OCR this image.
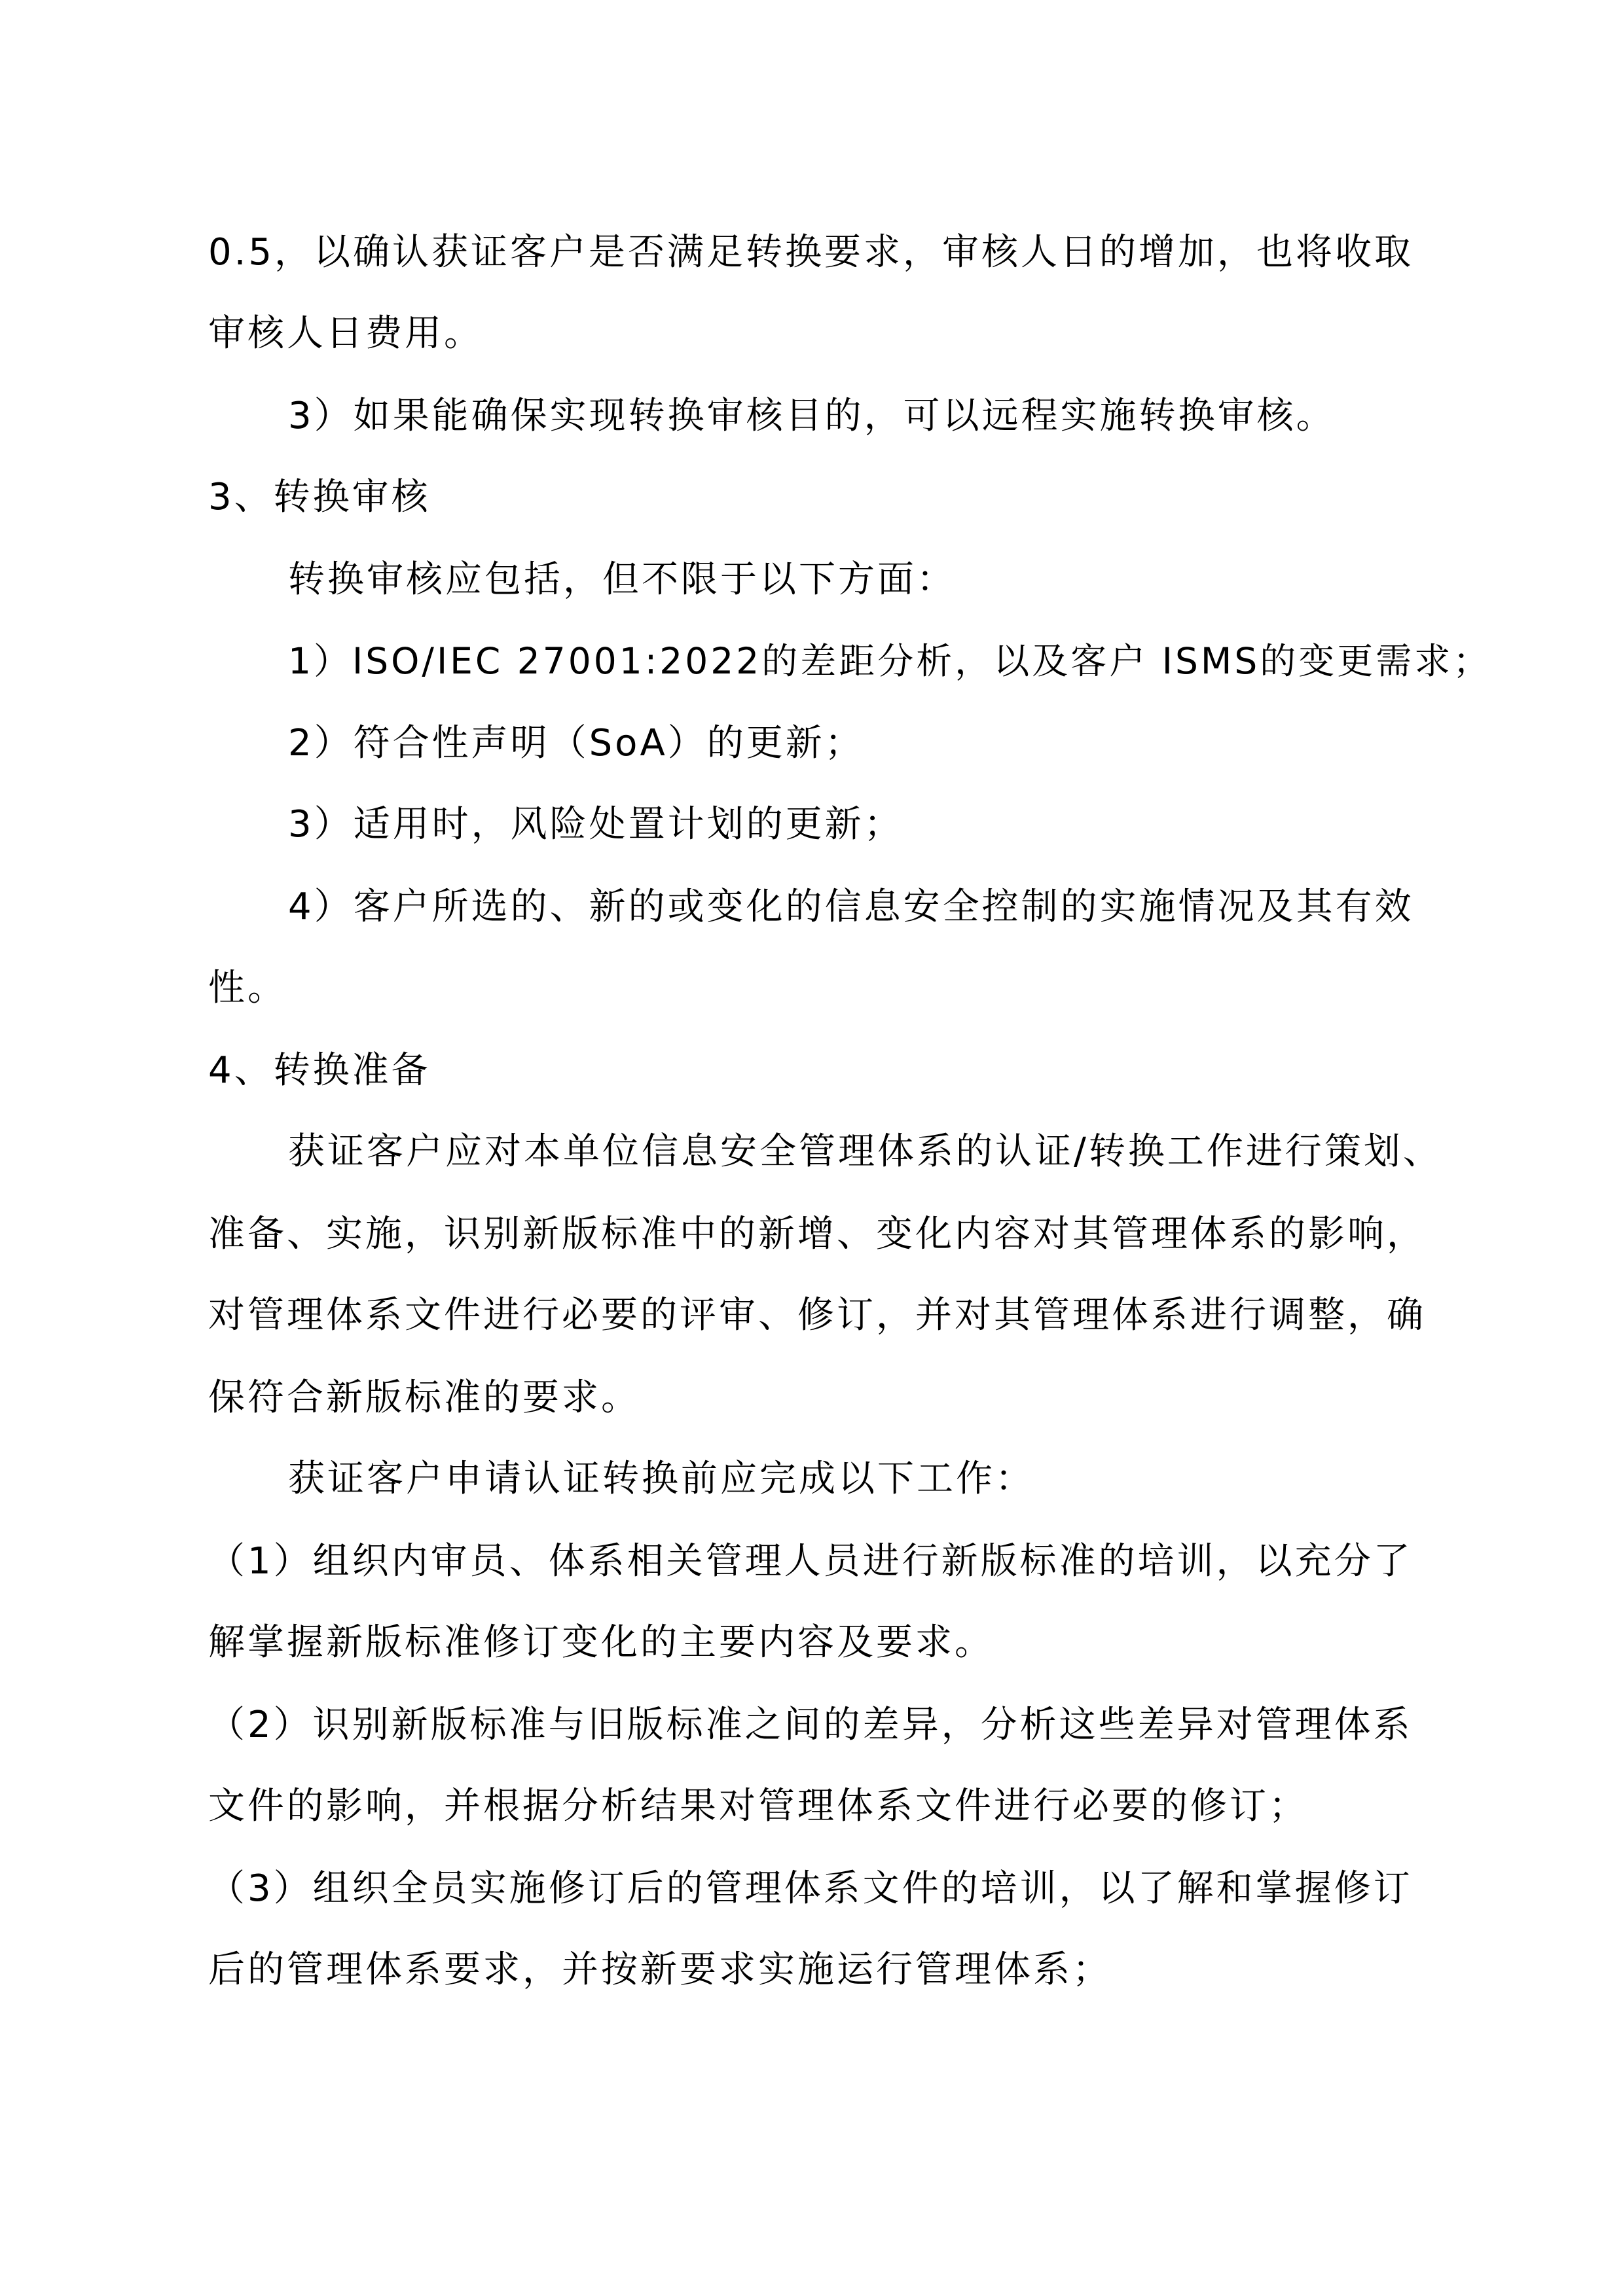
0.5，以确认获证客户是否满足转换要求，审核人日的增加，也将收取
审核人日费用。
3）如果能确保实现转换审核目的，可以远程实施转换审核。
3、转换审核
转换审核应包括，但不限于以下方面：
1）ISO/IEC 27001:2022的差距分析，以及客户 ISMS的变更需求；
2）符合性声明（SoA）的更新；
3）适用时，风险处置计划的更新；
4）客户所选的、新的或变化的信息安全控制的实施情况及其有效
性。
4、转换准备
获证客户应对本单位信息安全管理体系的认证/转换工作进行策划、
准备、实施，识别新版标准中的新增、变化内容对其管理体系的影响，
对管理体系文件进行必要的评审、修订，并对其管理体系进行调整，确
保符合新版标准的要求。
获证客户申请认证转换前应完成以下工作：
（1）组织内审员、体系相关管理人员进行新版标准的培训，以充分了
解掌握新版标准修订变化的主要内容及要求。
（2）识别新版标准与旧版标准之间的差异，分析这些差异对管理体系
文件的影响，并根据分析结果对管理体系文件进行必要的修订；
（3）组织全员实施修订后的管理体系文件的培训，以了解和掌握修订
后的管理体系要求，并按新要求实施运行管理体系；
